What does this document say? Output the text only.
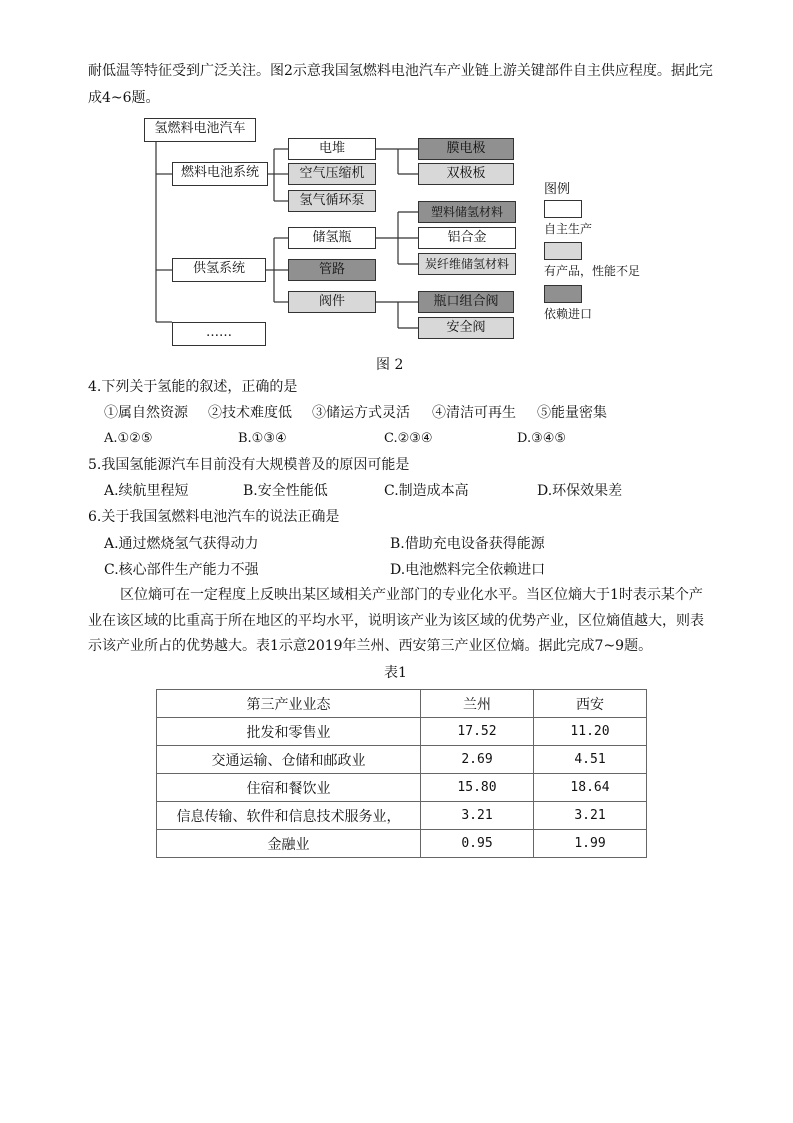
耐低温等特征受到广泛关注。图2示意我国氢燃料电池汽车产业链上游关键部件自主供应程度。据此完
成4~6题。
氢燃料电池汽车
燃料电池系统
供氢系统
……
电堆
空气压缩机
氢气循环泵
膜电极
双极板
储氢瓶
管路
阀件
塑料储氢材料
铝合金
炭纤维储氢材料
瓶口组合阀
安全阀
图例
自主生产
有产品，性能不足
依赖进口
图 2
4.下列关于氢能的叙述，正确的是
①属自然资源 ②技术难度低 ③储运方式灵活 ④清洁可再生 ⑤能量密集
A.①②⑤	B.①③④	C.②③④	D.③④⑤
5.我国氢能源汽车目前没有大规模普及的原因可能是
A.续航里程短	B.安全性能低	C.制造成本高	D.环保效果差
6.关于我国氢燃料电池汽车的说法正确是
A.通过燃烧氢气获得动力	B.借助充电设备获得能源
C.核心部件生产能力不强	D.电池燃料完全依赖进口
区位熵可在一定程度上反映出某区域相关产业部门的专业化水平。当区位熵大于1时表示某个产
业在该区域的比重高于所在地区的平均水平，说明该产业为该区域的优势产业，区位熵值越大，则表
示该产业所占的优势越大。表1示意2019年兰州、西安第三产业区位熵。据此完成7~9题。
表1
第三产业业态	兰州	西安
批发和零售业	17.52	11.20
交通运输、仓储和邮政业	2.69	4.51
住宿和餐饮业	15.80	18.64
信息传输、软件和信息技术服务业，	3.21	3.21
金融业	0.95	1.99
